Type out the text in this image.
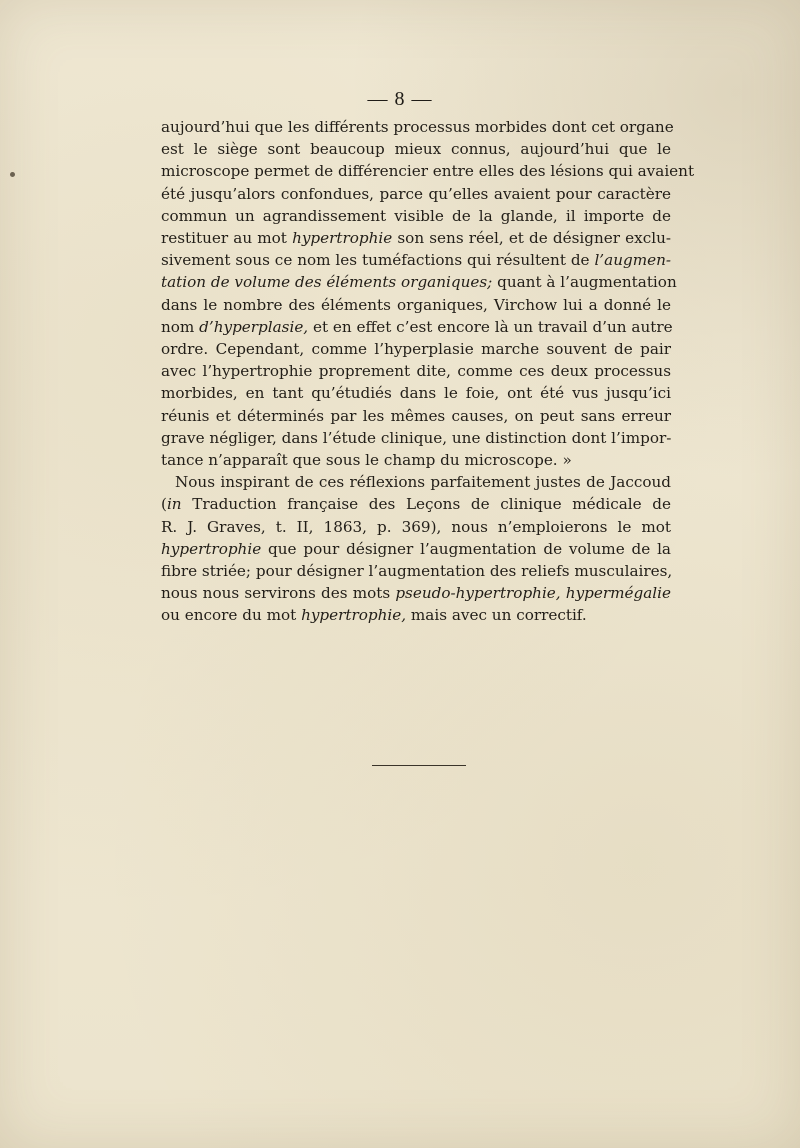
— 8 —
aujourd’hui que les différents processus morbides dont cet organe
est le siège sont beaucoup mieux connus, aujourd’hui que le
microscope permet de différencier entre elles des lésions qui avaient
été jusqu’alors confondues, parce qu’elles avaient pour caractère
commun un agrandissement visible de la glande, il importe de
restituer au mot hypertrophie son sens réel, et de désigner exclu-
sivement sous ce nom les tuméfactions qui résultent de l’augmen-
tation de volume des éléments organiques; quant à l’augmentation
dans le nombre des éléments organiques, Virchow lui a donné le
nom d’hyperplasie, et en effet c’est encore là un travail d’un autre
ordre. Cependant, comme l’hyperplasie marche souvent de pair
avec l’hypertrophie proprement dite, comme ces deux processus
morbides, en tant qu’étudiés dans le foie, ont été vus jusqu’ici
réunis et déterminés par les mêmes causes, on peut sans erreur
grave négliger, dans l’étude clinique, une distinction dont l’impor-
tance n’apparaît que sous le champ du microscope. »
Nous inspirant de ces réflexions parfaitement justes de Jaccoud
(in Traduction française des Leçons de clinique médicale de
R. J. Graves, t. II, 1863, p. 369), nous n’emploierons le mot
hypertrophie que pour désigner l’augmentation de volume de la
fibre striée; pour désigner l’augmentation des reliefs musculaires,
nous nous servirons des mots pseudo-hypertrophie, hypermégalie
ou encore du mot hypertrophie, mais avec un correctif.
